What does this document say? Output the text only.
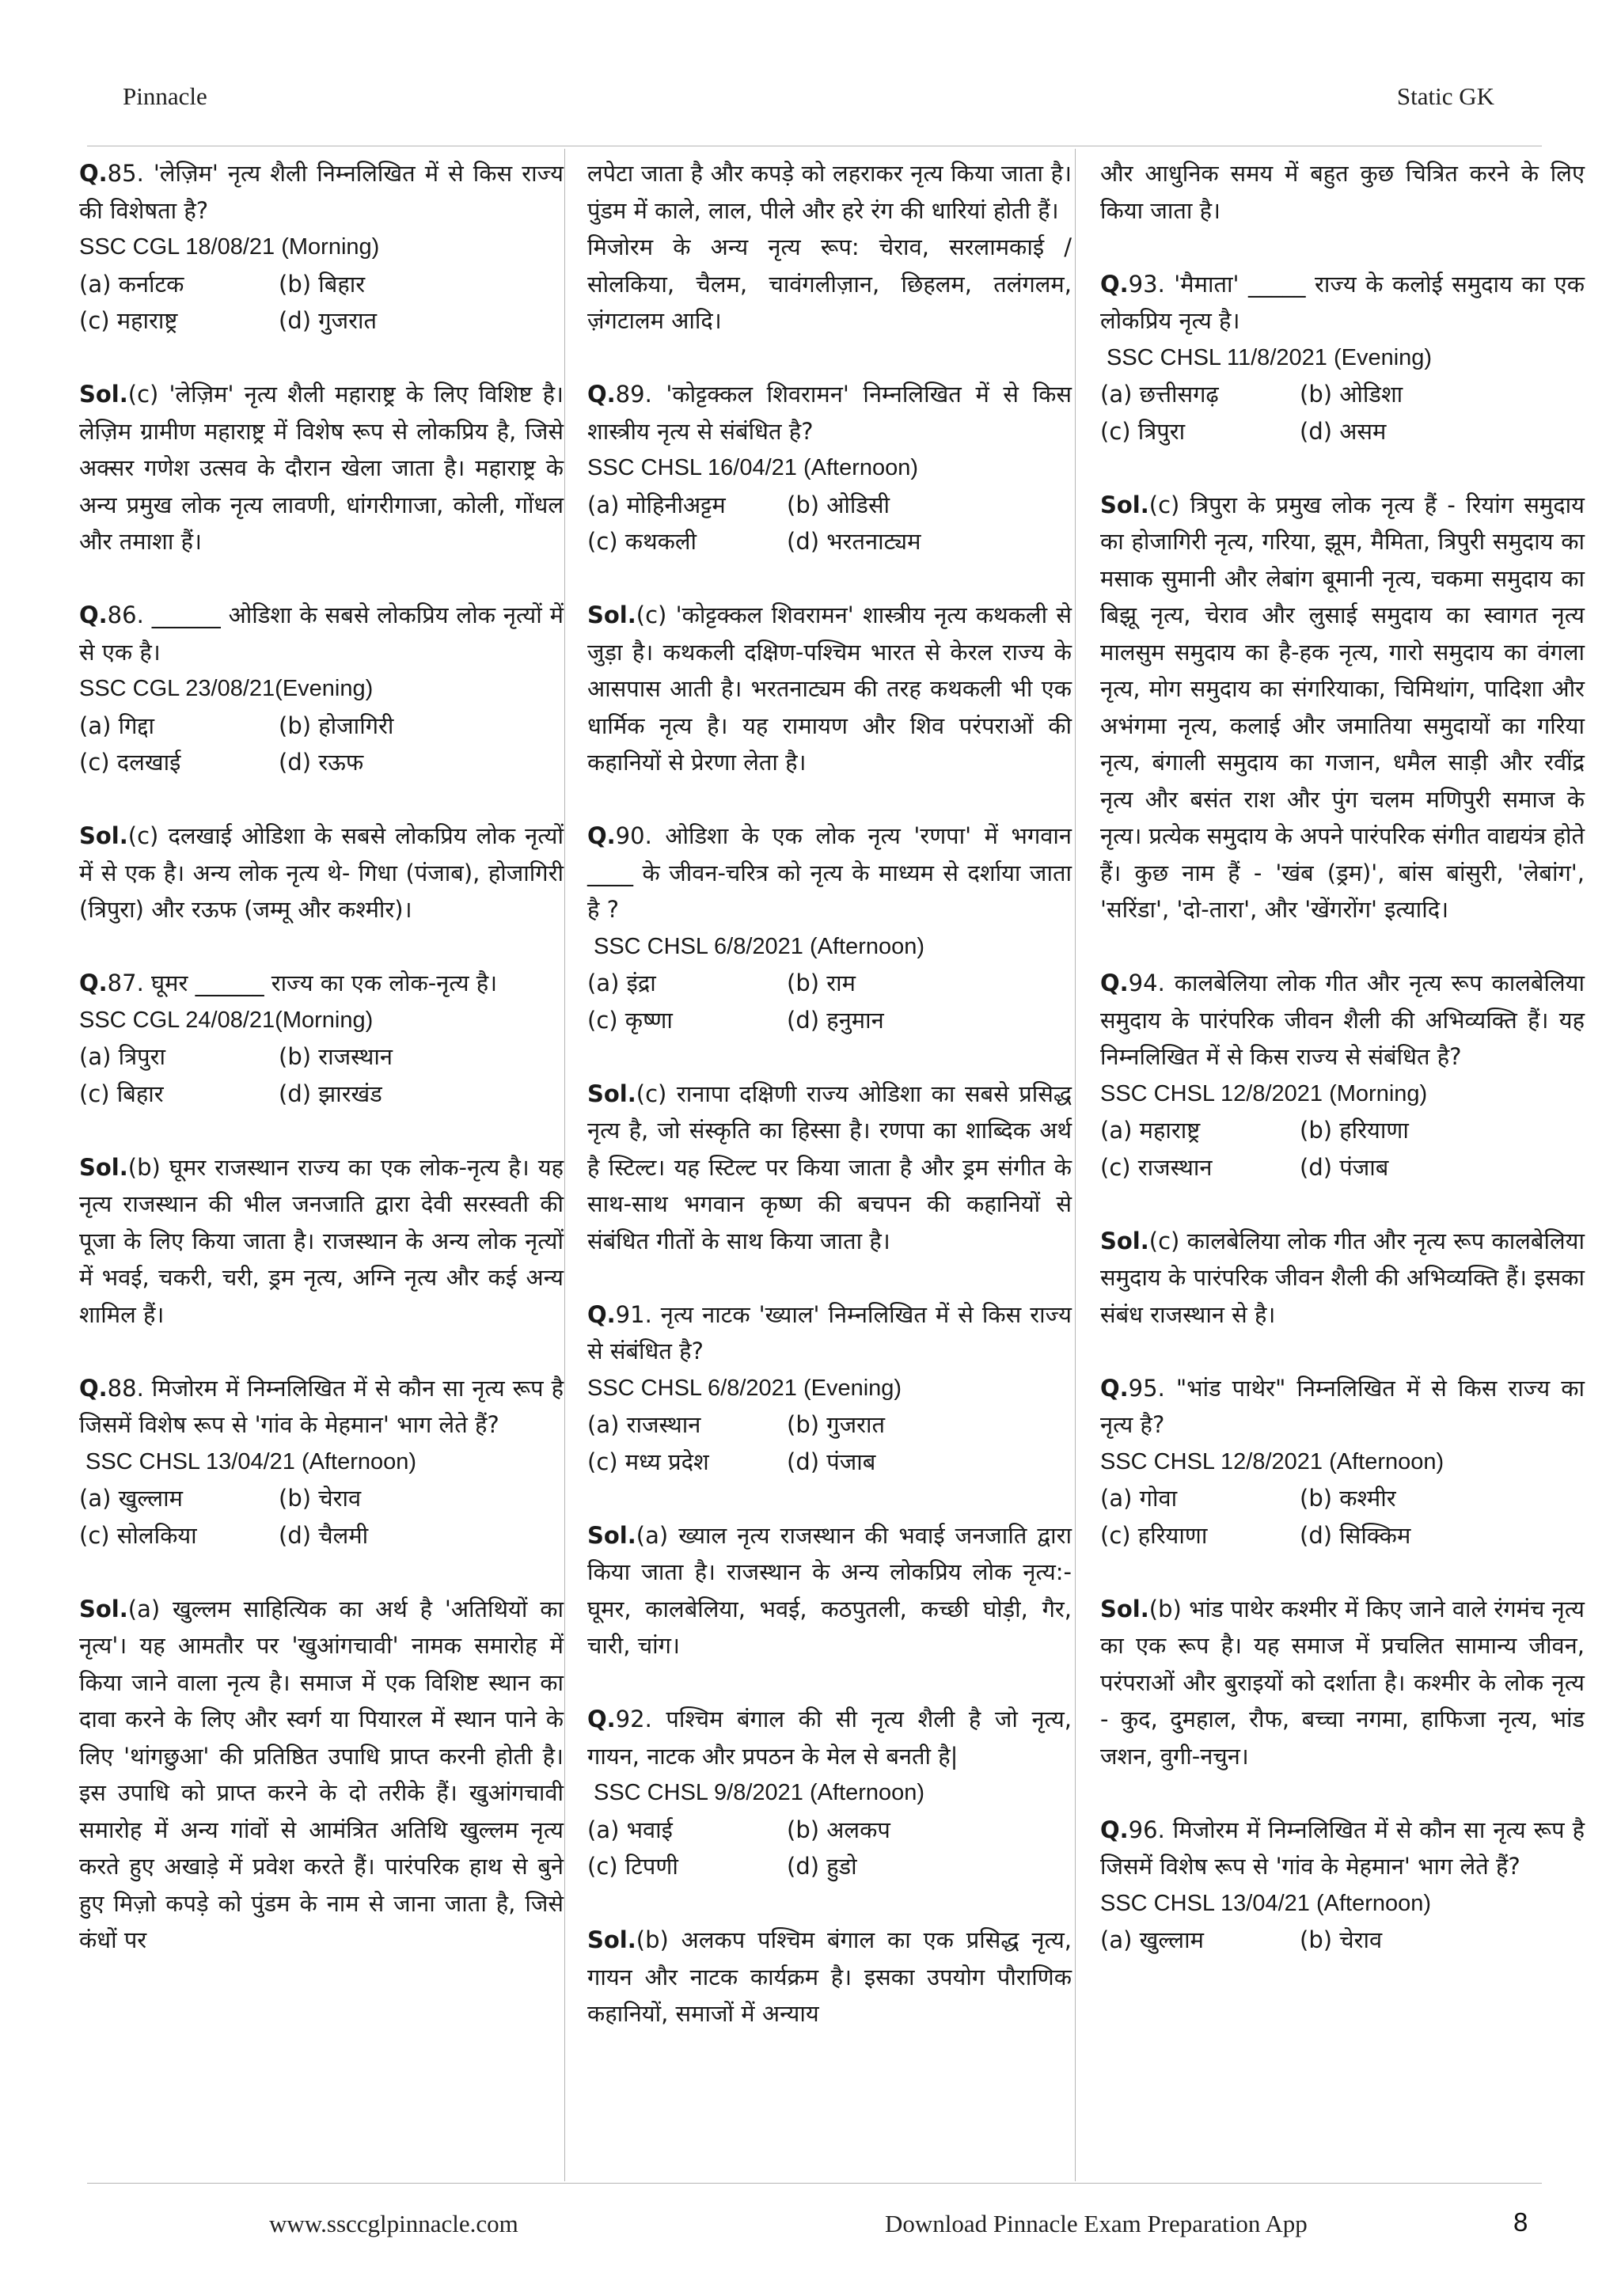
Pinnacle	Static GK

Q.85. 'लेज़िम' नृत्य शैली निम्नलिखित में से किस राज्य की विशेषता है?

SSC CGL 18/08/21 (Morning)

(a) कर्नाटक	(b) बिहार
(c) महाराष्ट्र	(d) गुजरात

Sol.(c) 'लेज़िम' नृत्य शैली महाराष्ट्र के लिए विशिष्ट है। लेज़िम ग्रामीण महाराष्ट्र में विशेष रूप से लोकप्रिय है, जिसे अक्सर गणेश उत्सव के दौरान खेला जाता है। महाराष्ट्र के अन्य प्रमुख लोक नृत्य लावणी, धांगरीगाजा, कोली, गोंधल और तमाशा हैं।

Q.86. ______ ओडिशा के सबसे लोकप्रिय लोक नृत्यों में से एक है।

SSC CGL 23/08/21(Evening)

(a) गिद्दा	(b) होजागिरी
(c) दलखाई	(d) रऊफ

Sol.(c) दलखाई ओडिशा के सबसे लोकप्रिय लोक नृत्यों में से एक है। अन्य लोक नृत्य थे- गिधा (पंजाब), होजागिरी (त्रिपुरा) और रऊफ (जम्मू और कश्मीर)।

Q.87. घूमर ______ राज्य का एक लोक-नृत्य है।

SSC CGL 24/08/21(Morning)

(a) त्रिपुरा	(b) राजस्थान
(c) बिहार	(d) झारखंड

Sol.(b) घूमर राजस्थान राज्य का एक लोक-नृत्य है। यह नृत्य राजस्थान की भील जनजाति द्वारा देवी सरस्वती की पूजा के लिए किया जाता है। राजस्थान के अन्य लोक नृत्यों में भवई, चकरी, चरी, ड्रम नृत्य, अग्नि नृत्य और कई अन्य शामिल हैं।

Q.88. मिजोरम में निम्नलिखित में से कौन सा नृत्य रूप है जिसमें विशेष रूप से 'गांव के मेहमान' भाग लेते हैं?

SSC CHSL 13/04/21 (Afternoon)

(a) खुल्लाम	(b) चेराव
(c) सोलकिया	(d) चैलमी

Sol.(a) खुल्लम साहित्यिक का अर्थ है 'अतिथियों का नृत्य'। यह आमतौर पर 'खुआंगचावी' नामक समारोह में किया जाने वाला नृत्य है। समाज में एक विशिष्ट स्थान का दावा करने के लिए और स्वर्ग या पियारल में स्थान पाने के लिए 'थांगछुआ' की प्रतिष्ठित उपाधि प्राप्त करनी होती है। इस उपाधि को प्राप्त करने के दो तरीके हैं। खुआंगचावी समारोह में अन्य गांवों से आमंत्रित अतिथि खुल्लम नृत्य करते हुए अखाड़े में प्रवेश करते हैं। पारंपरिक हाथ से बुने हुए मिज़ो कपड़े को पुंडम के नाम से जाना जाता है, जिसे कंधों पर

लपेटा जाता है और कपड़े को लहराकर नृत्य किया जाता है। पुंडम में काले, लाल, पीले और हरे रंग की धारियां होती हैं।

मिजोरम के अन्य नृत्य रूप: चेराव, सरलामकाई / सोलकिया, चैलम, चावंगलीज़ान, छिहलम, तलंगलम, ज़ंगटालम आदि।

Q.89. 'कोट्टक्कल शिवरामन' निम्नलिखित में से किस शास्त्रीय नृत्य से संबंधित है?

SSC CHSL 16/04/21 (Afternoon)

(a) मोहिनीअट्टम	(b) ओडिसी
(c) कथकली	(d) भरतनाट्यम

Sol.(c) 'कोट्टक्कल शिवरामन' शास्त्रीय नृत्य कथकली से जुड़ा है। कथकली दक्षिण-पश्चिम भारत से केरल राज्य के आसपास आती है। भरतनाट्यम की तरह कथकली भी एक धार्मिक नृत्य है। यह रामायण और शिव परंपराओं की कहानियों से प्रेरणा लेता है।

Q.90. ओडिशा के एक लोक नृत्य 'रणपा' में भगवान ____ के जीवन-चरित्र को नृत्य के माध्यम से दर्शाया जाता है ?

SSC CHSL 6/8/2021 (Afternoon)

(a) इंद्रा	(b) राम
(c) कृष्णा	(d) हनुमान

Sol.(c) रानापा दक्षिणी राज्य ओडिशा का सबसे प्रसिद्ध नृत्य है, जो संस्कृति का हिस्सा है। रणपा का शाब्दिक अर्थ है स्टिल्ट। यह स्टिल्ट पर किया जाता है और ड्रम संगीत के साथ-साथ भगवान कृष्ण की बचपन की कहानियों से संबंधित गीतों के साथ किया जाता है।

Q.91. नृत्य नाटक 'ख्याल' निम्नलिखित में से किस राज्य से संबंधित है?

SSC CHSL 6/8/2021 (Evening)

(a) राजस्थान	(b) गुजरात
(c) मध्य प्रदेश	(d) पंजाब

Sol.(a) ख्याल नृत्य राजस्थान की भवाई जनजाति द्वारा किया जाता है। राजस्थान के अन्य लोकप्रिय लोक नृत्य:- घूमर, कालबेलिया, भवई, कठपुतली, कच्छी घोड़ी, गैर, चारी, चांग।

Q.92. पश्चिम बंगाल की सी नृत्य शैली है जो नृत्य, गायन, नाटक और प्रपठन के मेल से बनती है|

SSC CHSL 9/8/2021 (Afternoon)

(a) भवाई	(b) अलकप
(c) टिपणी	(d) हुडो

Sol.(b) अलकप पश्चिम बंगाल का एक प्रसिद्ध नृत्य, गायन और नाटक कार्यक्रम है। इसका उपयोग पौराणिक कहानियों, समाजों में अन्याय

और आधुनिक समय में बहुत कुछ चित्रित करने के लिए किया जाता है।

Q.93. 'मैमाता' _____ राज्य के कलोई समुदाय का एक लोकप्रिय नृत्य है।

SSC CHSL 11/8/2021 (Evening)

(a) छत्तीसगढ़	(b) ओडिशा
(c) त्रिपुरा	(d) असम

Sol.(c) त्रिपुरा के प्रमुख लोक नृत्य हैं - रियांग समुदाय का होजागिरी नृत्य, गरिया, झूम, मैमिता, त्रिपुरी समुदाय का मसाक सुमानी और लेबांग बूमानी नृत्य, चकमा समुदाय का बिझू नृत्य, चेराव और लुसाई समुदाय का स्वागत नृत्य मालसुम समुदाय का है-हक नृत्य, गारो समुदाय का वंगला नृत्य, मोग समुदाय का संगरियाका, चिमिथांग, पादिशा और अभंगमा नृत्य, कलाई और जमातिया समुदायों का गरिया नृत्य, बंगाली समुदाय का गजान, धमैल साड़ी और रवींद्र नृत्य और बसंत राश और पुंग चलम मणिपुरी समाज के नृत्य। प्रत्येक समुदाय के अपने पारंपरिक संगीत वाद्ययंत्र होते हैं। कुछ नाम हैं - 'खंब (ड्रम)', बांस बांसुरी, 'लेबांग', 'सरिंडा', 'दो-तारा', और 'खेंगरोंग' इत्यादि।

Q.94. कालबेलिया लोक गीत और नृत्य रूप कालबेलिया समुदाय के पारंपरिक जीवन शैली की अभिव्यक्ति हैं। यह निम्नलिखित में से किस राज्य से संबंधित है?

SSC CHSL 12/8/2021 (Morning)

(a) महाराष्ट्र	(b) हरियाणा
(c) राजस्थान	(d) पंजाब

Sol.(c) कालबेलिया लोक गीत और नृत्य रूप कालबेलिया समुदाय के पारंपरिक जीवन शैली की अभिव्यक्ति हैं। इसका संबंध राजस्थान से है।

Q.95. "भांड पाथेर" निम्नलिखित में से किस राज्य का नृत्य है?

SSC CHSL 12/8/2021 (Afternoon)

(a) गोवा	(b) कश्मीर
(c) हरियाणा	(d) सिक्किम

Sol.(b) भांड पाथेर कश्मीर में किए जाने वाले रंगमंच नृत्य का एक रूप है। यह समाज में प्रचलित सामान्य जीवन, परंपराओं और बुराइयों को दर्शाता है। कश्मीर के लोक नृत्य - कुद, दुमहाल, रौफ, बच्चा नगमा, हाफिजा नृत्य, भांड जशन, वुगी-नचुन।

Q.96. मिजोरम में निम्नलिखित में से कौन सा नृत्य रूप है जिसमें विशेष रूप से 'गांव के मेहमान' भाग लेते हैं?

SSC CHSL 13/04/21 (Afternoon)

(a) खुल्लाम	(b) चेराव
www.ssccglpinnacle.com	Download Pinnacle Exam Preparation App	8
